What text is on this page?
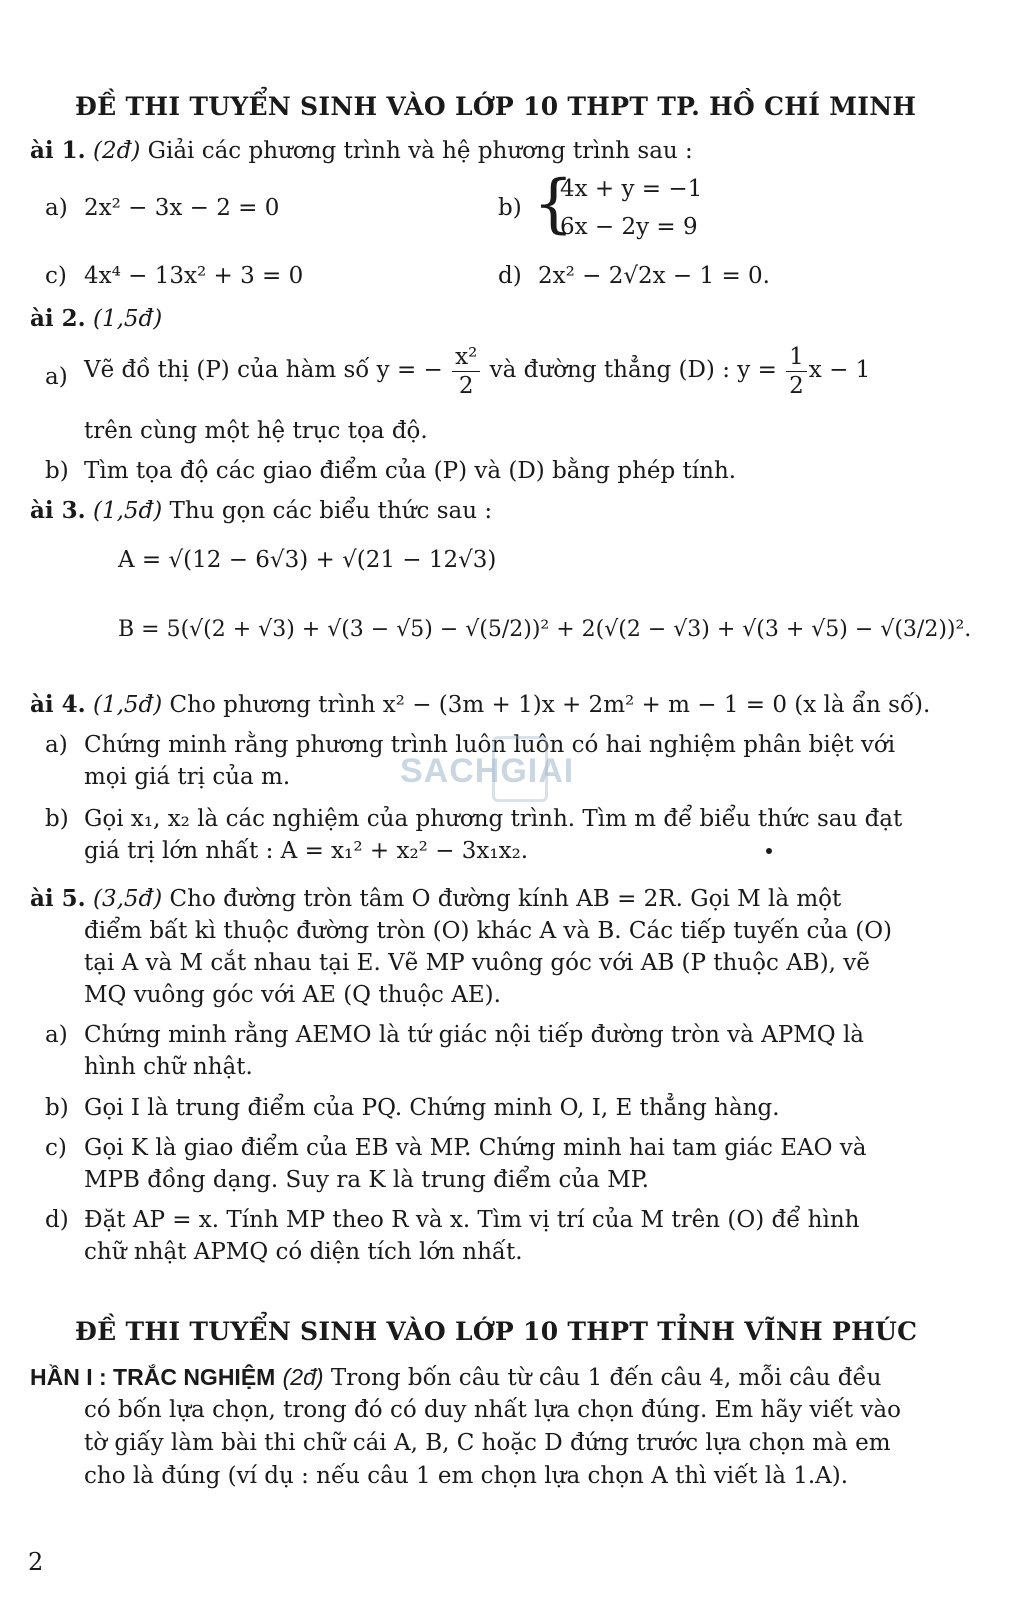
ĐỀ THI TUYỂN SINH VÀO LỚP 10 THPT TP. HỒ CHÍ MINH
ài 1. (2đ) Giải các phương trình và hệ phương trình sau :
a) 2x² − 3x − 2 = 0	b) {
4x + y = −1
6x − 2y = 9
c) 4x⁴ − 13x² + 3 = 0	d) 2x² − 2√2x − 1 = 0.
ài 2. (1,5đ)
a) Vẽ đồ thị (P) của hàm số y = − $\frac{\text{x²}}{2}$ và đường thẳng (D) : $y = \frac{1}{2}$ x − 1
trên cùng một hệ trục tọa độ.
b) Tìm tọa độ các giao điểm của (P) và (D) bằng phép tính.
ài 3. (1,5đ) Thu gọn các biểu thức sau :
A = √(12 − 6√3) + √(21 − 12√3)
B = 5(√(2 + √3) + √(3 − √5) − √(5/2))² + 2(√(2 − √3) + √(3 + √5) − √(3/2))².
ài 4. (1,5đ) Cho phương trình x² − (3m + 1)x + 2m² + m − 1 = 0 (x là ẩn số).
a) Chứng minh rằng phương trình luôn luôn có hai nghiệm phân biệt với
mọi giá trị của m.
b) Gọi x₁, x₂ là các nghiệm của phương trình. Tìm m để biểu thức sau đạt
giá trị lớn nhất : A = x₁² + x₂² − 3x₁x₂.
ài 5. (3,5đ) Cho đường tròn tâm O đường kính AB = 2R. Gọi M là một
điểm bất kì thuộc đường tròn (O) khác A và B. Các tiếp tuyến của (O)
tại A và M cắt nhau tại E. Vẽ MP vuông góc với AB (P thuộc AB), vẽ
MQ vuông góc với AE (Q thuộc AE).
a) Chứng minh rằng AEMO là tứ giác nội tiếp đường tròn và APMQ là
hình chữ nhật.
b) Gọi I là trung điểm của PQ. Chứng minh O, I, E thẳng hàng.
c) Gọi K là giao điểm của EB và MP. Chứng minh hai tam giác EAO và
MPB đồng dạng. Suy ra K là trung điểm của MP.
d) Đặt AP = x. Tính MP theo R và x. Tìm vị trí của M trên (O) để hình
chữ nhật APMQ có diện tích lớn nhất.
ĐỀ THI TUYỂN SINH VÀO LỚP 10 THPT TỈNH VĨNH PHÚC
HẦN I : TRẮC NGHIỆM (2đ) Trong bốn câu từ câu 1 đến câu 4, mỗi câu đều
có bốn lựa chọn, trong đó có duy nhất lựa chọn đúng. Em hãy viết vào
tờ giấy làm bài thi chữ cái A, B, C hoặc D đứng trước lựa chọn mà em
cho là đúng (ví dụ : nếu câu 1 em chọn lựa chọn A thì viết là 1.A).
SACHGIAI
2
